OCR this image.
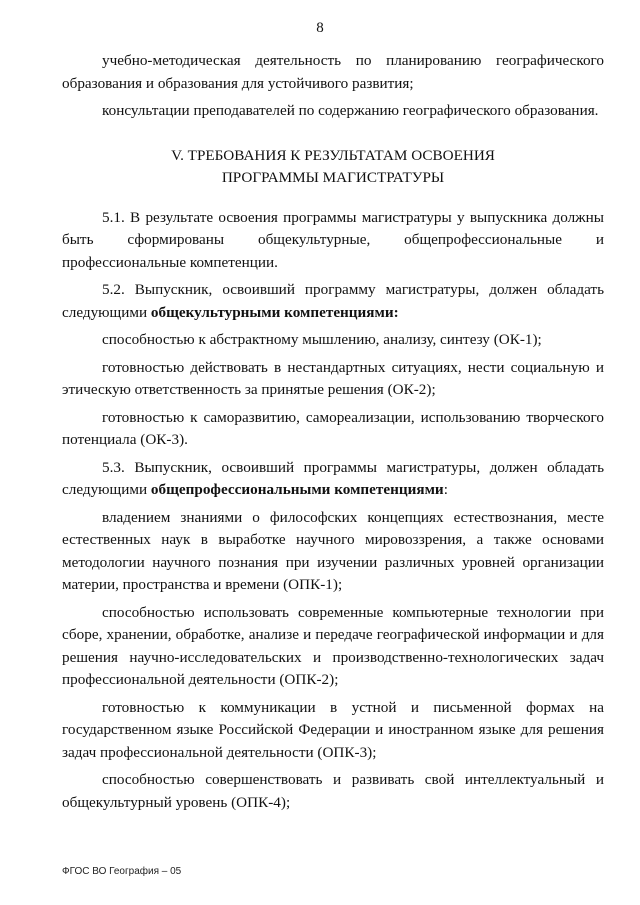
8

учебно-методическая деятельность по планированию географического образования и образования для устойчивого развития;

консультации преподавателей по содержанию географического образования.

V. ТРЕБОВАНИЯ К РЕЗУЛЬТАТАМ ОСВОЕНИЯ
ПРОГРАММЫ МАГИСТРАТУРЫ

5.1. В результате освоения программы магистратуры у выпускника должны быть сформированы общекультурные, общепрофессиональные и профессиональные компетенции.

5.2. Выпускник, освоивший программу магистратуры, должен обладать следующими общекультурными компетенциями:

способностью к абстрактному мышлению, анализу, синтезу (ОК-1);

готовностью действовать в нестандартных ситуациях, нести социальную и этическую ответственность за принятые решения (ОК-2);

готовностью к саморазвитию, самореализации, использованию творческого потенциала (ОК-3).

5.3. Выпускник, освоивший программы магистратуры, должен обладать следующими общепрофессиональными компетенциями:

владением знаниями о философских концепциях естествознания, месте естественных наук в выработке научного мировоззрения, а также основами методологии научного познания при изучении различных уровней организации материи, пространства и времени (ОПК-1);

способностью использовать современные компьютерные технологии при сборе, хранении, обработке, анализе и передаче географической информации и для решения научно-исследовательских и производственно-технологических задач профессиональной деятельности (ОПК-2);

готовностью к коммуникации в устной и письменной формах на государственном языке Российской Федерации и иностранном языке для решения задач профессиональной деятельности (ОПК-3);

способностью совершенствовать и развивать свой интеллектуальный и общекультурный уровень (ОПК-4);

ФГОС ВО География – 05
